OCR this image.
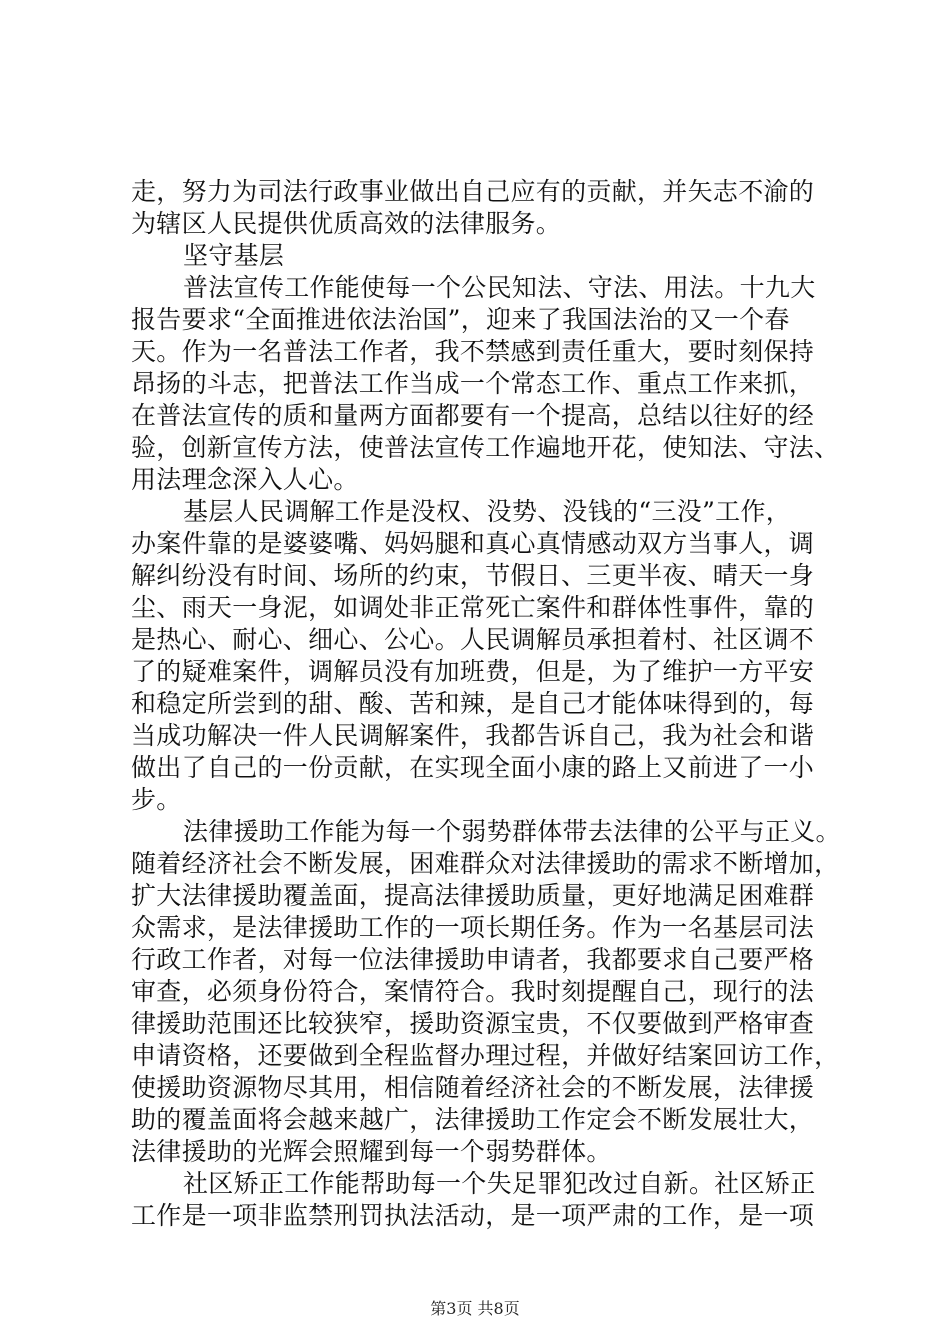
走，努力为司法行政事业做出自己应有的贡献，并矢志不渝的
为辖区人民提供优质高效的法律服务。
坚守基层
普法宣传工作能使每一个公民知法、守法、用法。十九大
报告要求“全面推进依法治国”，迎来了我国法治的又一个春
天。作为一名普法工作者，我不禁感到责任重大，要时刻保持
昂扬的斗志，把普法工作当成一个常态工作、重点工作来抓，
在普法宣传的质和量两方面都要有一个提高，总结以往好的经
验，创新宣传方法，使普法宣传工作遍地开花，使知法、守法、
用法理念深入人心。
基层人民调解工作是没权、没势、没钱的“三没”工作，
办案件靠的是婆婆嘴、妈妈腿和真心真情感动双方当事人，调
解纠纷没有时间、场所的约束，节假日、三更半夜、晴天一身
尘、雨天一身泥，如调处非正常死亡案件和群体性事件，靠的
是热心、耐心、细心、公心。人民调解员承担着村、社区调不
了的疑难案件，调解员没有加班费，但是，为了维护一方平安
和稳定所尝到的甜、酸、苦和辣，是自己才能体味得到的，每
当成功解决一件人民调解案件，我都告诉自己，我为社会和谐
做出了自己的一份贡献，在实现全面小康的路上又前进了一小
步。
法律援助工作能为每一个弱势群体带去法律的公平与正义。
随着经济社会不断发展，困难群众对法律援助的需求不断增加，
扩大法律援助覆盖面，提高法律援助质量，更好地满足困难群
众需求，是法律援助工作的一项长期任务。作为一名基层司法
行政工作者，对每一位法律援助申请者，我都要求自己要严格
审查，必须身份符合，案情符合。我时刻提醒自己，现行的法
律援助范围还比较狭窄，援助资源宝贵，不仅要做到严格审查
申请资格，还要做到全程监督办理过程，并做好结案回访工作，
使援助资源物尽其用，相信随着经济社会的不断发展，法律援
助的覆盖面将会越来越广，法律援助工作定会不断发展壮大，
法律援助的光辉会照耀到每一个弱势群体。
社区矫正工作能帮助每一个失足罪犯改过自新。社区矫正
工作是一项非监禁刑罚执法活动，是一项严肃的工作，是一项
第3页 共8页
